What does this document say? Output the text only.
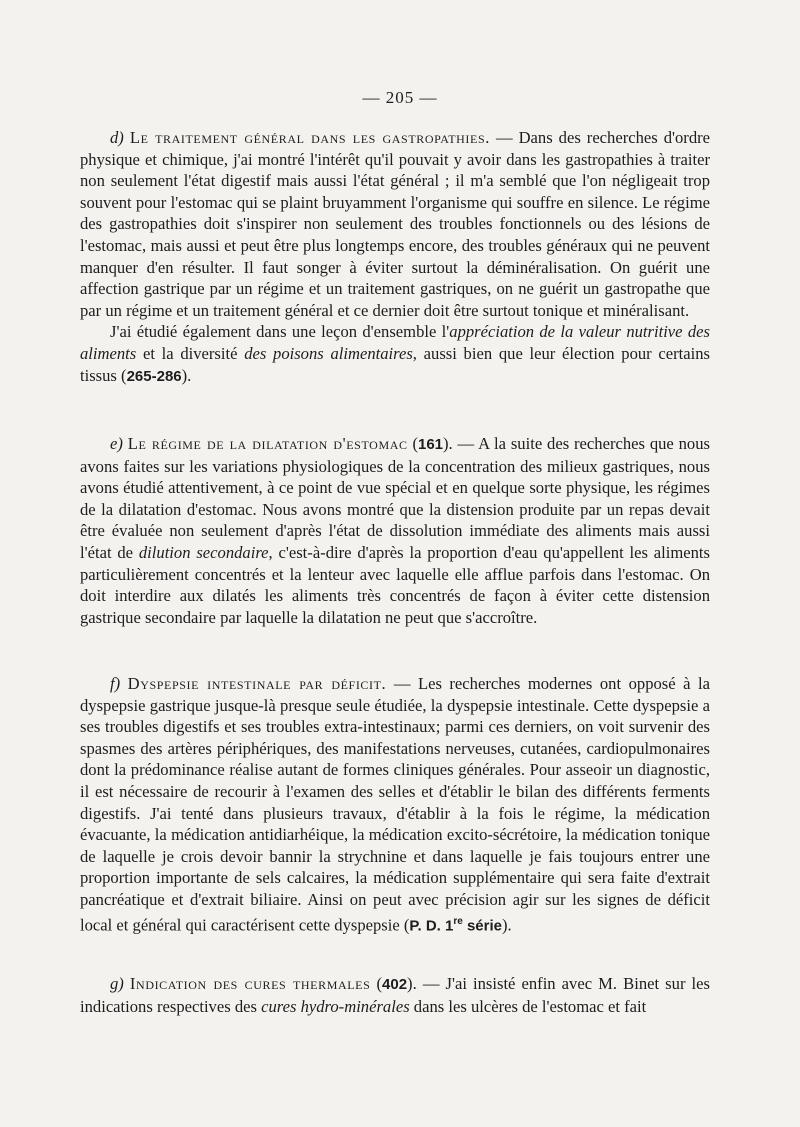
— 205 —

d) Le traitement général dans les gastropathies. — Dans des recherches d'ordre physique et chimique, j'ai montré l'intérêt qu'il pouvait y avoir dans les gastropathies à traiter non seulement l'état digestif mais aussi l'état général ; il m'a semblé que l'on négligeait trop souvent pour l'estomac qui se plaint bruyamment l'organisme qui souffre en silence. Le régime des gastropathies doit s'inspirer non seulement des troubles fonctionnels ou des lésions de l'estomac, mais aussi et peut être plus longtemps encore, des troubles généraux qui ne peuvent manquer d'en résulter. Il faut songer à éviter surtout la déminéralisation. On guérit une affection gastrique par un régime et un traitement gastriques, on ne guérit un gastropathe que par un régime et un traitement général et ce dernier doit être surtout tonique et minéralisant.

J'ai étudié également dans une leçon d'ensemble l'appréciation de la valeur nutritive des aliments et la diversité des poisons alimentaires, aussi bien que leur élection pour certains tissus (265-286).

e) Le régime de la dilatation d'estomac (161). — A la suite des recherches que nous avons faites sur les variations physiologiques de la concentration des milieux gastriques, nous avons étudié attentivement, à ce point de vue spécial et en quelque sorte physique, les régimes de la dilatation d'estomac. Nous avons montré que la distension produite par un repas devait être évaluée non seulement d'après l'état de dissolution immédiate des aliments mais aussi l'état de dilution secondaire, c'est-à-dire d'après la proportion d'eau qu'appellent les aliments particulièrement concentrés et la lenteur avec laquelle elle afflue parfois dans l'estomac. On doit interdire aux dilatés les aliments très concentrés de façon à éviter cette distension gastrique secondaire par laquelle la dilatation ne peut que s'accroître.

f) Dyspepsie intestinale par déficit. — Les recherches modernes ont opposé à la dyspepsie gastrique jusque-là presque seule étudiée, la dyspepsie intestinale. Cette dyspepsie a ses troubles digestifs et ses troubles extra-intestinaux; parmi ces derniers, on voit survenir des spasmes des artères périphériques, des manifestations nerveuses, cutanées, cardiopulmonaires dont la prédominance réalise autant de formes cliniques générales. Pour asseoir un diagnostic, il est nécessaire de recourir à l'examen des selles et d'établir le bilan des différents ferments digestifs. J'ai tenté dans plusieurs travaux, d'établir à la fois le régime, la médication évacuante, la médication antidiarhéique, la médication excito-sécrétoire, la médication tonique de laquelle je crois devoir bannir la strychnine et dans laquelle je fais toujours entrer une proportion importante de sels calcaires, la médication supplémentaire qui sera faite d'extrait pancréatique et d'extrait biliaire. Ainsi on peut avec précision agir sur les signes de déficit local et général qui caractérisent cette dyspepsie (P. D. 1re série).

g) Indication des cures thermales (402). — J'ai insisté enfin avec M. Binet sur les indications respectives des cures hydro-minérales dans les ulcères de l'estomac et fait
